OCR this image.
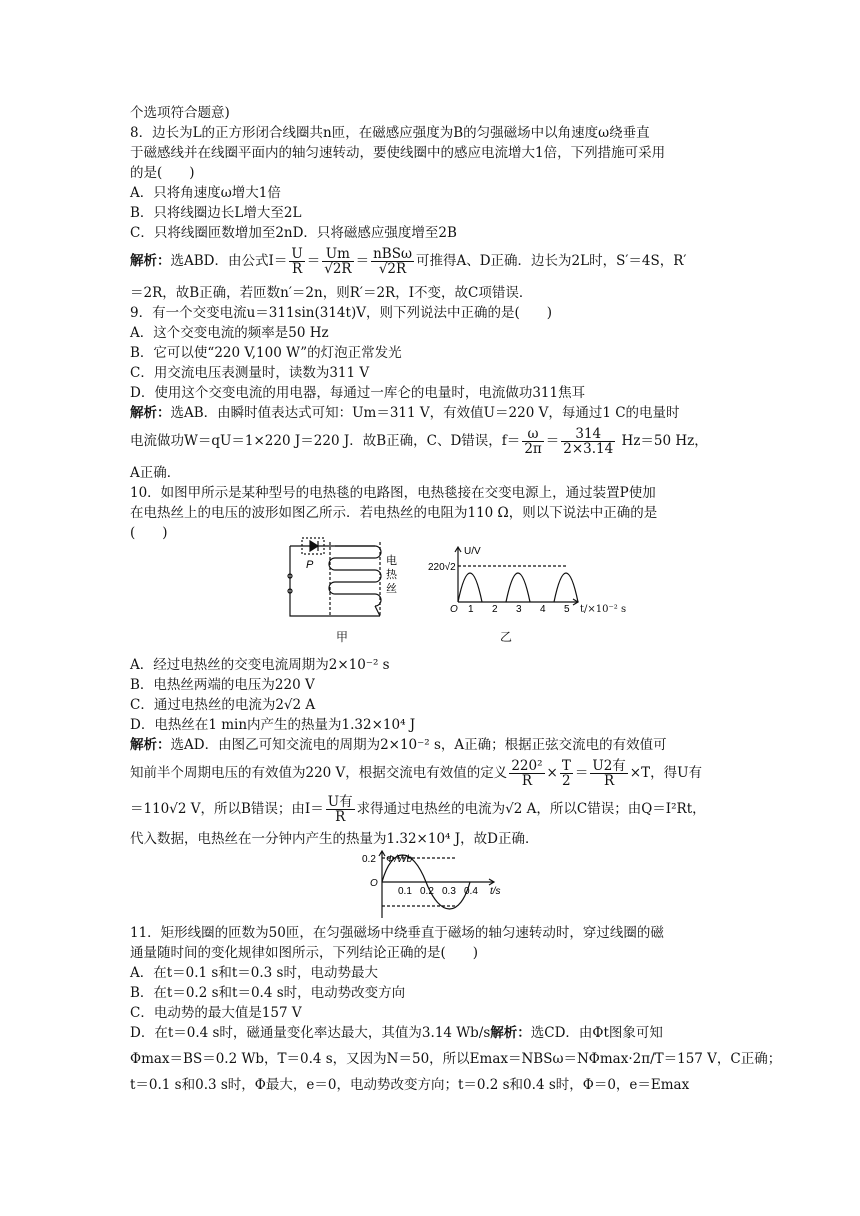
个选项符合题意)
8．边长为L的正方形闭合线圈共n匝，在磁感应强度为B的匀强磁场中以角速度ω绕垂直
于磁感线并在线圈平面内的轴匀速转动，要使线圈中的感应电流增大1倍，下列措施可采用
的是(　　)
A．只将角速度ω增大1倍
B．只将线圈边长L增大至2L
C．只将线圈匝数增加至2nD．只将磁感应强度增至2B
解析：选ABD．由公式$I= \frac{U}{R} = \frac{Um}{√2R} = \frac{\text{nBSω}}{√2R}$ 可推得A、D正确．边长为2L时，S′＝4S，R′
＝2R，故B正确，若匝数n′＝2n，则R′＝2R，I不变，故C项错误．
9．有一个交变电流u＝311sin(314t)V，则下列说法中正确的是(　　)
A．这个交变电流的频率是50 Hz
B．它可以使“220 V,100 W”的灯泡正常发光
C．用交流电压表测量时，读数为311 V
D．使用这个交变电流的用电器，每通过一库仑的电量时，电流做功311焦耳
解析：选AB．由瞬时值表达式可知：Um＝311 V，有效值U＝220 V，每通过1 C的电量时
电流做功W＝qU＝1×220 J＝220 J．故B正确，C、D错误，$f= \frac{\omega}{2\pi} = \frac{314}{2\times 3.14} Hz=50$ Hz，
A正确．
10．如图甲所示是某种型号的电热毯的电路图，电热毯接在交变电源上，通过装置P使加
在电热丝上的电压的波形如图乙所示．若电热丝的电阻为110 Ω，则以下说法中正确的是
(　　)
P	电
热
丝
甲
U/V
220√2
O 1 2 3 4 5 t/×10⁻² s
乙
A．经过电热丝的交变电流周期为2×10⁻² s
B．电热丝两端的电压为220 V
C．通过电热丝的电流为2√2 A
D．电热丝在1 min内产生的热量为1.32×10⁴ J
解析：选AD．由图乙可知交流电的周期为2×10⁻² s，A正确；根据正弦交流电的有效值可
知前半个周期电压的有效值为220 V，根据交流电有效值的定义 $\frac{\text{220²}}{R} \times \frac{T}{2} = \frac{\text{U2有}}{R} \times T$，得U有
＝110√2 V，所以B错误；由$I= \frac{\text{U有}}{R}$ 求得通过电热丝的电流为√2 A，所以C错误；由Q＝I²Rt，
代入数据，电热丝在一分钟内产生的热量为1.32×10⁴ J，故D正确．
Φ/Wb
0.2
O
0.1 0.2 0.3 0.4 t/s
11．矩形线圈的匝数为50匝，在匀强磁场中绕垂直于磁场的轴匀速转动时，穿过线圈的磁
通量随时间的变化规律如图所示，下列结论正确的是(　　)
A．在t＝0.1 s和t＝0.3 s时，电动势最大
B．在t＝0.2 s和t＝0.4 s时，电动势改变方向
C．电动势的最大值是157 V
D．在t＝0.4 s时，磁通量变化率达最大，其值为3.14 Wb/s解析：选CD．由Φt图象可知
Φmax＝BS＝0.2 Wb，T＝0.4 s，又因为N＝50，所以Emax＝NBSω＝NΦmax·2π/T＝157 V，C正确；
t＝0.1 s和0.3 s时，Φ最大，e＝0，电动势改变方向；t＝0.2 s和0.4 s时，Φ＝0，e＝Emax
